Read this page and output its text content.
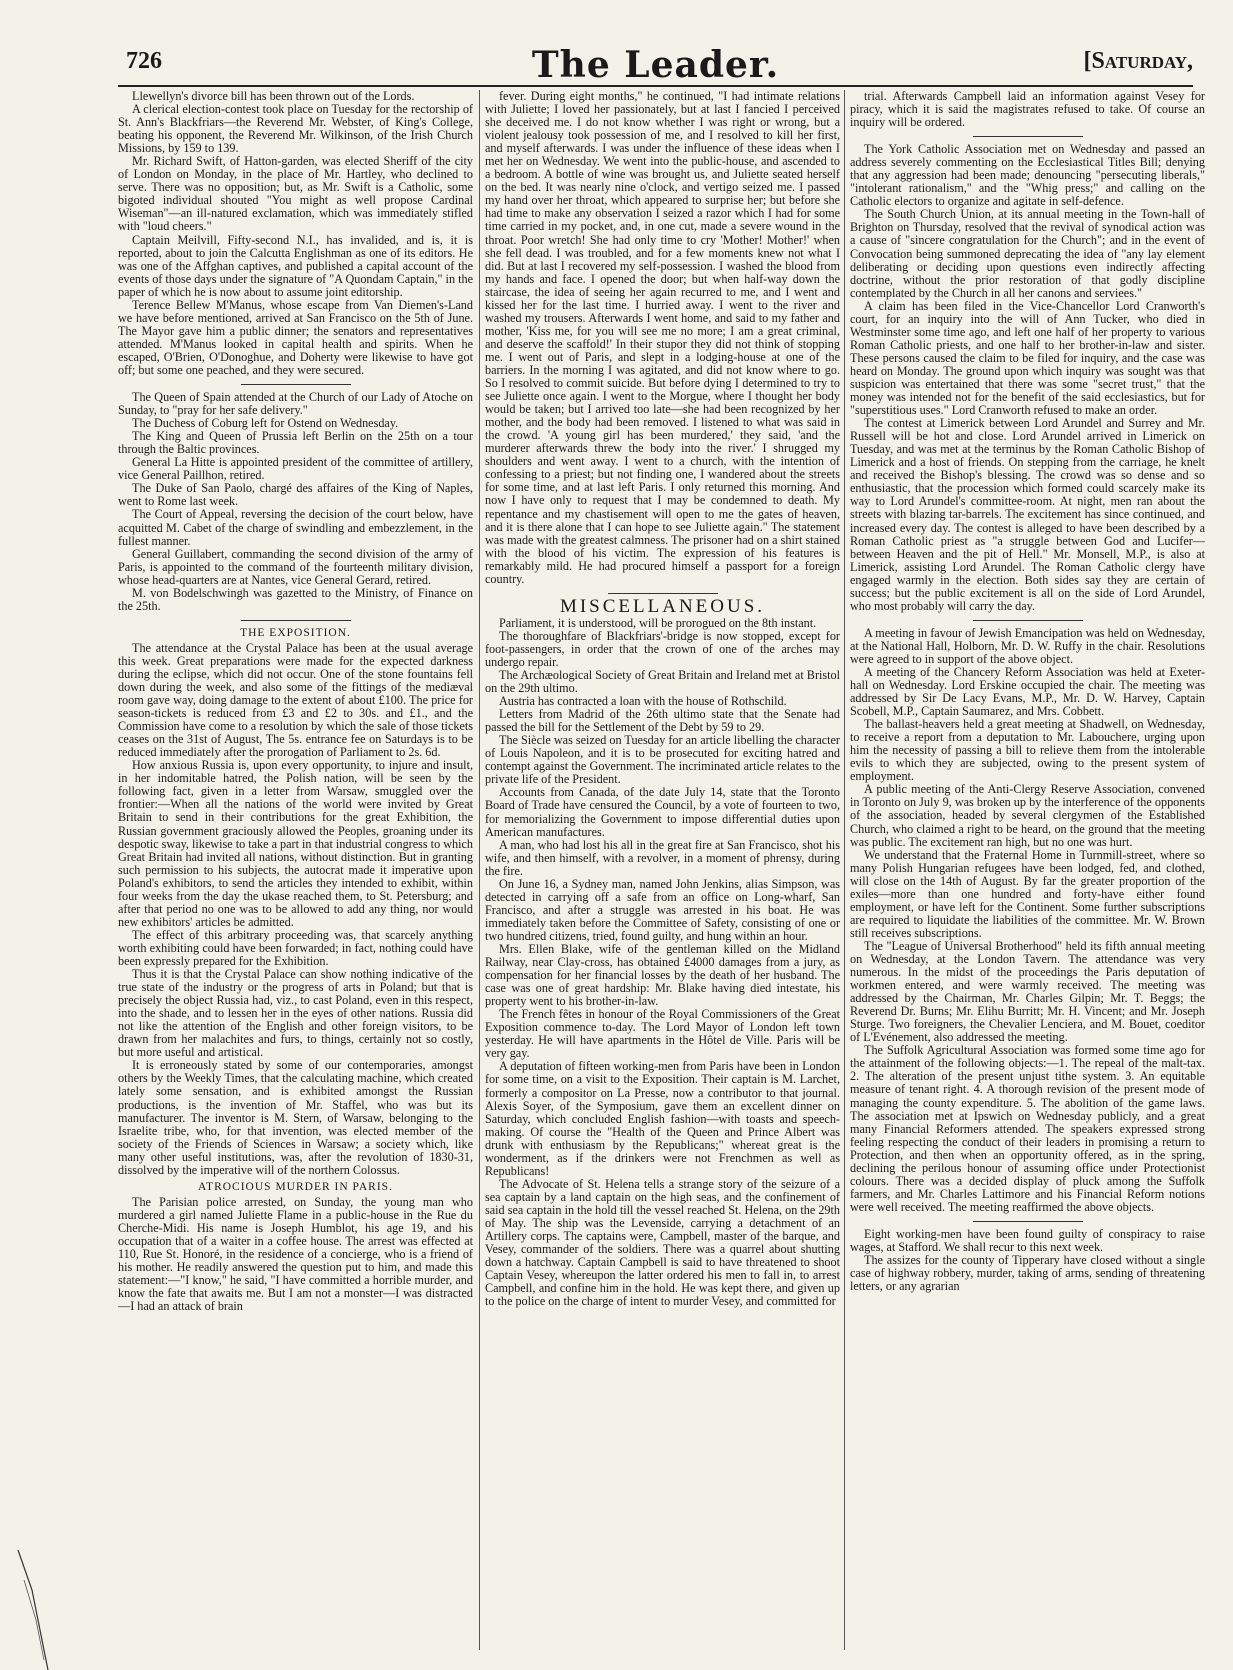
726	The Leader.	[Saturday,

Llewellyn's divorce bill has been thrown out of the Lords.

A clerical election-contest took place on Tuesday for the rectorship of St. Ann's Blackfriars—the Reverend Mr. Webster, of King's College, beating his opponent, the Reverend Mr. Wilkinson, of the Irish Church Missions, by 159 to 139.

Mr. Richard Swift, of Hatton-garden, was elected Sheriff of the city of London on Monday, in the place of Mr. Hartley, who declined to serve. There was no opposition; but, as Mr. Swift is a Catholic, some bigoted individual shouted "You might as well propose Cardinal Wiseman"—an ill-natured exclamation, which was immediately stifled with "loud cheers."

Captain Meilvill, Fifty-second N.I., has invalided, and is, it is reported, about to join the Calcutta Englishman as one of its editors. He was one of the Affghan captives, and published a capital account of the events of those days under the signature of "A Quondam Captain," in the paper of which he is now about to assume joint editorship.

Terence Bellew M'Manus, whose escape from Van Diemen's-Land we have before mentioned, arrived at San Francisco on the 5th of June. The Mayor gave him a public dinner; the senators and representatives attended. M'Manus looked in capital health and spirits. When he escaped, O'Brien, O'Donoghue, and Doherty were likewise to have got off; but some one peached, and they were secured.

The Queen of Spain attended at the Church of our Lady of Atoche on Sunday, to "pray for her safe delivery."

The Duchess of Coburg left for Ostend on Wednesday.

The King and Queen of Prussia left Berlin on the 25th on a tour through the Baltic provinces.

General La Hitte is appointed president of the committee of artillery, vice General Paillhon, retired.

The Duke of San Paolo, chargé des affaires of the King of Naples, went to Rome last week.

The Court of Appeal, reversing the decision of the court below, have acquitted M. Cabet of the charge of swindling and embezzlement, in the fullest manner.

General Guillabert, commanding the second division of the army of Paris, is appointed to the command of the fourteenth military division, whose head-quarters are at Nantes, vice General Gerard, retired.

M. von Bodelschwingh was gazetted to the Ministry, of Finance on the 25th.

THE EXPOSITION.

The attendance at the Crystal Palace has been at the usual average this week. Great preparations were made for the expected darkness during the eclipse, which did not occur. One of the stone fountains fell down during the week, and also some of the fittings of the mediæval room gave way, doing damage to the extent of about £100. The price for season-tickets is reduced from £3 and £2 to 30s. and £1., and the Commission have come to a resolution by which the sale of those tickets ceases on the 31st of August, The 5s. entrance fee on Saturdays is to be reduced immediately after the prorogation of Parliament to 2s. 6d.

How anxious Russia is, upon every opportunity, to injure and insult, in her indomitable hatred, the Polish nation, will be seen by the following fact, given in a letter from Warsaw, smuggled over the frontier:—When all the nations of the world were invited by Great Britain to send in their contributions for the great Exhibition, the Russian government graciously allowed the Peoples, groaning under its despotic sway, likewise to take a part in that industrial congress to which Great Britain had invited all nations, without distinction. But in granting such permission to his subjects, the autocrat made it imperative upon Poland's exhibitors, to send the articles they intended to exhibit, within four weeks from the day the ukase reached them, to St. Petersburg; and after that period no one was to be allowed to add any thing, nor would new exhibitors' articles be admitted.

The effect of this arbitrary proceeding was, that scarcely anything worth exhibiting could have been forwarded; in fact, nothing could have been expressly prepared for the Exhibition.

Thus it is that the Crystal Palace can show nothing indicative of the true state of the industry or the progress of arts in Poland; but that is precisely the object Russia had, viz., to cast Poland, even in this respect, into the shade, and to lessen her in the eyes of other nations. Russia did not like the attention of the English and other foreign visitors, to be drawn from her malachites and furs, to things, certainly not so costly, but more useful and artistical.

It is erroneously stated by some of our contemporaries, amongst others by the Weekly Times, that the calculating machine, which created lately some sensation, and is exhibited amongst the Russian productions, is the invention of Mr. Staffel, who was but its manufacturer. The inventor is M. Stern, of Warsaw, belonging to the Israelite tribe, who, for that invention, was elected member of the society of the Friends of Sciences in Warsaw; a society which, like many other useful institutions, was, after the revolution of 1830-31, dissolved by the imperative will of the northern Colossus.

ATROCIOUS MURDER IN PARIS.

The Parisian police arrested, on Sunday, the young man who murdered a girl named Juliette Flame in a public-house in the Rue du Cherche-Midi. His name is Joseph Humblot, his age 19, and his occupation that of a waiter in a coffee house. The arrest was effected at 110, Rue St. Honoré, in the residence of a concierge, who is a friend of his mother. He readily answered the question put to him, and made this statement:—"I know," he said, "I have committed a horrible murder, and know the fate that awaits me. But I am not a monster—I was distracted—I had an attack of brain

fever. During eight months," he continued, "I had intimate relations with Juliette; I loved her passionately, but at last I fancied I perceived she deceived me. I do not know whether I was right or wrong, but a violent jealousy took possession of me, and I resolved to kill her first, and myself afterwards. I was under the influence of these ideas when I met her on Wednesday. We went into the public-house, and ascended to a bedroom. A bottle of wine was brought us, and Juliette seated herself on the bed. It was nearly nine o'clock, and vertigo seized me. I passed my hand over her throat, which appeared to surprise her; but before she had time to make any observation I seized a razor which I had for some time carried in my pocket, and, in one cut, made a severe wound in the throat. Poor wretch! She had only time to cry 'Mother! Mother!' when she fell dead. I was troubled, and for a few moments knew not what I did. But at last I recovered my self-possession. I washed the blood from my hands and face. I opened the door; but when half-way down the staircase, the idea of seeing her again recurred to me, and I went and kissed her for the last time. I hurried away. I went to the river and washed my trousers. Afterwards I went home, and said to my father and mother, 'Kiss me, for you will see me no more; I am a great criminal, and deserve the scaffold!' In their stupor they did not think of stopping me. I went out of Paris, and slept in a lodging-house at one of the barriers. In the morning I was agitated, and did not know where to go. So I resolved to commit suicide. But before dying I determined to try to see Juliette once again. I went to the Morgue, where I thought her body would be taken; but I arrived too late—she had been recognized by her mother, and the body had been removed. I listened to what was said in the crowd. 'A young girl has been murdered,' they said, 'and the murderer afterwards threw the body into the river.' I shrugged my shoulders and went away. I went to a church, with the intention of confessing to a priest; but not finding one, I wandered about the streets for some time, and at last left Paris. I only returned this morning. And now I have only to request that I may be condemned to death. My repentance and my chastisement will open to me the gates of heaven, and it is there alone that I can hope to see Juliette again." The statement was made with the greatest calmness. The prisoner had on a shirt stained with the blood of his victim. The expression of his features is remarkably mild. He had procured himself a passport for a foreign country.

MISCELLANEOUS.

Parliament, it is understood, will be prorogued on the 8th instant.

The thoroughfare of Blackfriars'-bridge is now stopped, except for foot-passengers, in order that the crown of one of the arches may undergo repair.

The Archæological Society of Great Britain and Ireland met at Bristol on the 29th ultimo.

Austria has contracted a loan with the house of Rothschild.

Letters from Madrid of the 26th ultimo state that the Senate had passed the bill for the Settlement of the Debt by 59 to 29.

The Siècle was seized on Tuesday for an article libelling the character of Louis Napoleon, and it is to be prosecuted for exciting hatred and contempt against the Government. The incriminated article relates to the private life of the President.

Accounts from Canada, of the date July 14, state that the Toronto Board of Trade have censured the Council, by a vote of fourteen to two, for memorializing the Government to impose differential duties upon American manufactures.

A man, who had lost his all in the great fire at San Francisco, shot his wife, and then himself, with a revolver, in a moment of phrensy, during the fire.

On June 16, a Sydney man, named John Jenkins, alias Simpson, was detected in carrying off a safe from an office on Long-wharf, San Francisco, and after a struggle was arrested in his boat. He was immediately taken before the Committee of Safety, consisting of one or two hundred citizens, tried, found guilty, and hung within an hour.

Mrs. Ellen Blake, wife of the gentleman killed on the Midland Railway, near Clay-cross, has obtained £4000 damages from a jury, as compensation for her financial losses by the death of her husband. The case was one of great hardship: Mr. Blake having died intestate, his property went to his brother-in-law.

The French fêtes in honour of the Royal Commissioners of the Great Exposition commence to-day. The Lord Mayor of London left town yesterday. He will have apartments in the Hôtel de Ville. Paris will be very gay.

A deputation of fifteen working-men from Paris have been in London for some time, on a visit to the Exposition. Their captain is M. Larchet, formerly a compositor on La Presse, now a contributor to that journal. Alexis Soyer, of the Symposium, gave them an excellent dinner on Saturday, which concluded English fashion—with toasts and speech-making. Of course the "Health of the Queen and Prince Albert was drunk with enthusiasm by the Republicans;" whereat great is the wonderment, as if the drinkers were not Frenchmen as well as Republicans!

The Advocate of St. Helena tells a strange story of the seizure of a sea captain by a land captain on the high seas, and the confinement of said sea captain in the hold till the vessel reached St. Helena, on the 29th of May. The ship was the Levenside, carrying a detachment of an Artillery corps. The captains were, Campbell, master of the barque, and Vesey, commander of the soldiers. There was a quarrel about shutting down a hatchway. Captain Campbell is said to have threatened to shoot Captain Vesey, whereupon the latter ordered his men to fall in, to arrest Campbell, and confine him in the hold. He was kept there, and given up to the police on the charge of intent to murder Vesey, and committed for

trial. Afterwards Campbell laid an information against Vesey for piracy, which it is said the magistrates refused to take. Of course an inquiry will be ordered.

The York Catholic Association met on Wednesday and passed an address severely commenting on the Ecclesiastical Titles Bill; denying that any aggression had been made; denouncing "persecuting liberals," "intolerant rationalism," and the "Whig press;" and calling on the Catholic electors to organize and agitate in self-defence.

The South Church Union, at its annual meeting in the Town-hall of Brighton on Thursday, resolved that the revival of synodical action was a cause of "sincere congratulation for the Church"; and in the event of Convocation being summoned deprecating the idea of "any lay element deliberating or deciding upon questions even indirectly affecting doctrine, without the prior restoration of that godly discipline contemplated by the Church in all her canons and serviees."

A claim has been filed in the Vice-Chancellor Lord Cranworth's court, for an inquiry into the will of Ann Tucker, who died in Westminster some time ago, and left one half of her property to various Roman Catholic priests, and one half to her brother-in-law and sister. These persons caused the claim to be filed for inquiry, and the case was heard on Monday. The ground upon which inquiry was sought was that suspicion was entertained that there was some "secret trust," that the money was intended not for the benefit of the said ecclesiastics, but for "superstitious uses." Lord Cranworth refused to make an order.

The contest at Limerick between Lord Arundel and Surrey and Mr. Russell will be hot and close. Lord Arundel arrived in Limerick on Tuesday, and was met at the terminus by the Roman Catholic Bishop of Limerick and a host of friends. On stepping from the carriage, he knelt and received the Bishop's blessing. The crowd was so dense and so enthusiastic, that the procession which formed could scarcely make its way to Lord Arundel's committee-room. At night, men ran about the streets with blazing tar-barrels. The excitement has since continued, and increased every day. The contest is alleged to have been described by a Roman Catholic priest as "a struggle between God and Lucifer—between Heaven and the pit of Hell." Mr. Monsell, M.P., is also at Limerick, assisting Lord Arundel. The Roman Catholic clergy have engaged warmly in the election. Both sides say they are certain of success; but the public excitement is all on the side of Lord Arundel, who most probably will carry the day.

A meeting in favour of Jewish Emancipation was held on Wednesday, at the National Hall, Holborn, Mr. D. W. Ruffy in the chair. Resolutions were agreed to in support of the above object.

A meeting of the Chancery Reform Association was held at Exeter-hall on Wednesday. Lord Erskine occupied the chair. The meeting was addressed by Sir De Lacy Evans, M.P., Mr. D. W. Harvey, Captain Scobell, M.P., Captain Saumarez, and Mrs. Cobbett.

The ballast-heavers held a great meeting at Shadwell, on Wednesday, to receive a report from a deputation to Mr. Labouchere, urging upon him the necessity of passing a bill to relieve them from the intolerable evils to which they are subjected, owing to the present system of employment.

A public meeting of the Anti-Clergy Reserve Association, convened in Toronto on July 9, was broken up by the interference of the opponents of the association, headed by several clergymen of the Established Church, who claimed a right to be heard, on the ground that the meeting was public. The excitement ran high, but no one was hurt.

We understand that the Fraternal Home in Turnmill-street, where so many Polish Hungarian refugees have been lodged, fed, and clothed, will close on the 14th of August. By far the greater proportion of the exiles—more than one hundred and forty-have either found employment, or have left for the Continent. Some further subscriptions are required to liquidate the liabilities of the committee. Mr. W. Brown still receives subscriptions.

The "League of Universal Brotherhood" held its fifth annual meeting on Wednesday, at the London Tavern. The attendance was very numerous. In the midst of the proceedings the Paris deputation of workmen entered, and were warmly received. The meeting was addressed by the Chairman, Mr. Charles Gilpin; Mr. T. Beggs; the Reverend Dr. Burns; Mr. Elihu Burritt; Mr. H. Vincent; and Mr. Joseph Sturge. Two foreigners, the Chevalier Lenciera, and M. Bouet, coeditor of L'Evénement, also addressed the meeting.

The Suffolk Agricultural Association was formed some time ago for the attainment of the following objects:—1. The repeal of the malt-tax. 2. The alteration of the present unjust tithe system. 3. An equitable measure of tenant right. 4. A thorough revision of the present mode of managing the county expenditure. 5. The abolition of the game laws. The association met at Ipswich on Wednesday publicly, and a great many Financial Reformers attended. The speakers expressed strong feeling respecting the conduct of their leaders in promising a return to Protection, and then when an opportunity offered, as in the spring, declining the perilous honour of assuming office under Protectionist colours. There was a decided display of pluck among the Suffolk farmers, and Mr. Charles Lattimore and his Financial Reform notions were well received. The meeting reaffirmed the above objects.

Eight working-men have been found guilty of conspiracy to raise wages, at Stafford. We shall recur to this next week.

The assizes for the county of Tipperary have closed without a single case of highway robbery, murder, taking of arms, sending of threatening letters, or any agrarian
